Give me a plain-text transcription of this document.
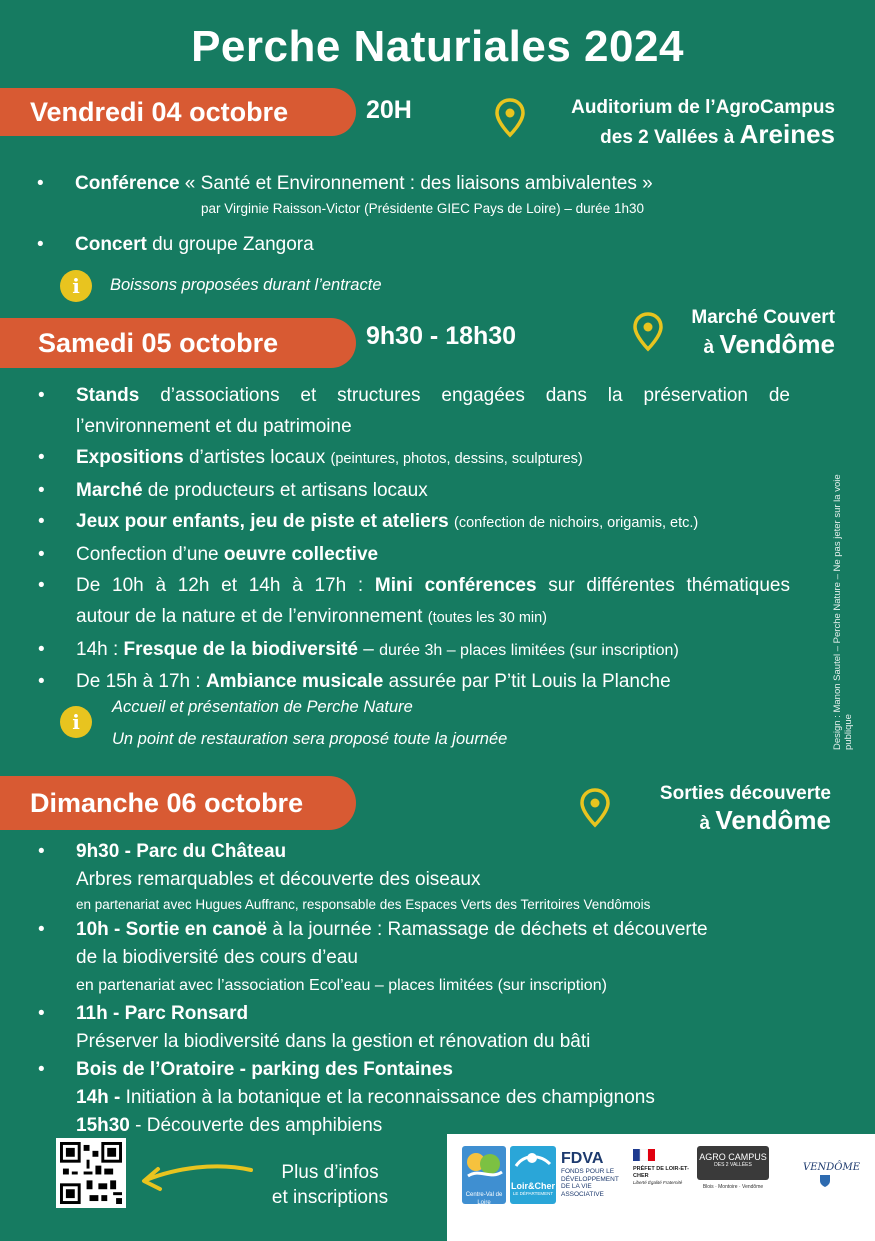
Perche Naturiales 2024
Vendredi 04 octobre	20H	Auditorium de l’AgroCampus
des 2 Vallées à Areines
• Conférence « Santé et Environnement : des liaisons ambivalentes »
par Virginie Raisson-Victor (Présidente GIEC Pays de Loire) – durée 1h30
• Concert du groupe Zangora
i	Boissons proposées durant l’entracte
Samedi 05 octobre	9h30 - 18h30
Marché Couvert
à Vendôme
• Stands d’associations et structures engagées dans la préservation de
l’environnement et du patrimoine
• Expositions d’artistes locaux (peintures, photos, dessins, sculptures)
• Marché de producteurs et artisans locaux
• Jeux pour enfants, jeu de piste et ateliers (confection de nichoirs, origamis, etc.)
• Confection d’une oeuvre collective
• De 10h à 12h et 14h à 17h : Mini conférences sur différentes thématiques
autour de la nature et de l’environnement (toutes les 30 min)
• 14h : Fresque de la biodiversité – durée 3h – places limitées (sur inscription)
• De 15h à 17h : Ambiance musicale assurée par P’tit Louis la Planche
i
Accueil et présentation de Perche Nature
Un point de restauration sera proposé toute la journée	Design : Manon Sautel – Perche Nature – Ne pas jeter sur la voie publique
Dimanche 06 octobre	Sorties découverte
à Vendôme
• 9h30 - Parc du Château
Arbres remarquables et découverte des oiseaux
en partenariat avec Hugues Auffranc, responsable des Espaces Verts des Territoires Vendômois
• 10h - Sortie en canoë à la journée : Ramassage de déchets et découverte
de la biodiversité des cours d’eau
en partenariat avec l’association Ecol’eau – places limitées (sur inscription)
• 11h - Parc Ronsard
Préserver la biodiversité dans la gestion et rénovation du bâti
• Bois de l’Oratoire - parking des Fontaines
14h - Initiation à la botanique et la reconnaissance des champignons
15h30 - Découverte des amphibiens
Plus d’infos
et inscriptions	Centre-Val de Loire
Loir&Cher
LE DÉPARTEMENT
FDVA
FONDS POUR LE DÉVELOPPEMENT DE LA VIE ASSOCIATIVE
PRÉFET DE LOIR-ET-CHER
Liberté Égalité Fraternité
AGRO CAMPUS
DES 2 VALLÉES
Blois · Montoire · Vendôme
VENDÔME
